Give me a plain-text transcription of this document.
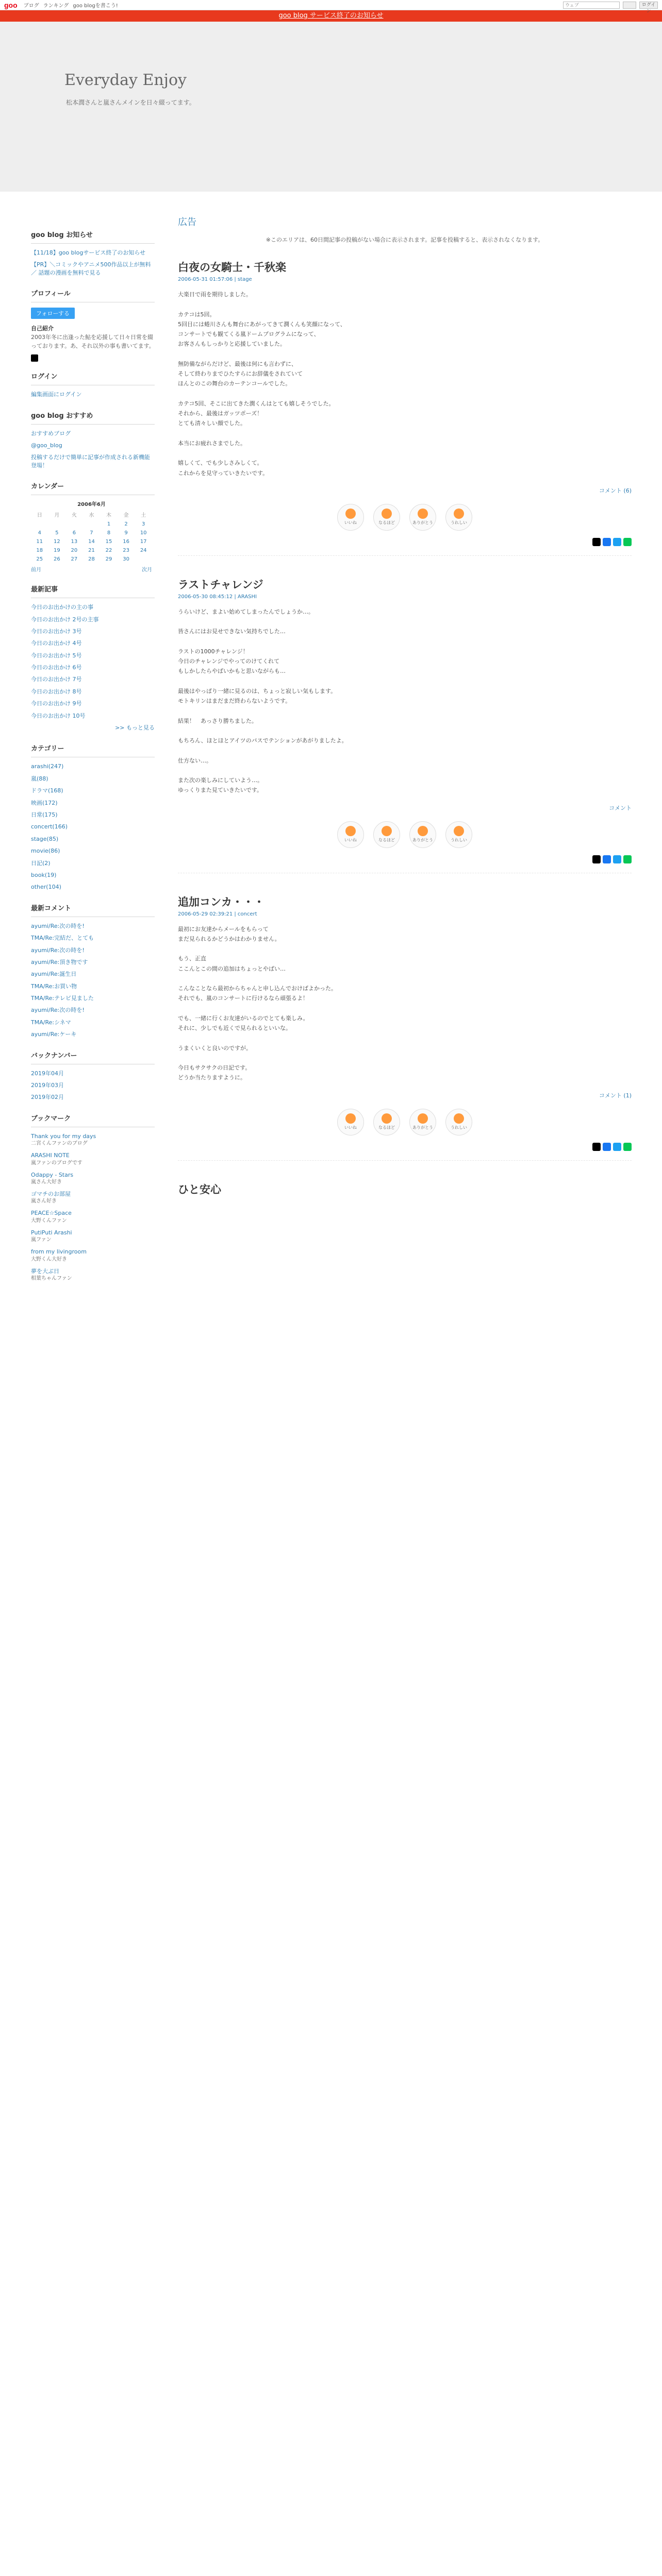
goo ブログ ランキング goo blogを書こう!	ウェブ	ログイン
goo blog サービス終了のお知らせ
Everyday Enjoy
松本潤さんと嵐さんメインを日々綴ってます。
goo blog お知らせ
【11/18】goo blogサービス終了のお知らせ
【PR】＼コミックやアニメ500作品以上が無料／ 話題の漫画を無料で見る
プロフィール
フォローする
自己紹介
2003年冬に出逢った鮎を応援して日々日常を綴っております。あ、それ以外の事も書いてます。
ログイン
編集画面にログイン
goo blog おすすめ
おすすめブログ
@goo_blog
投稿するだけで簡単に記事が作成される新機能登場！
カレンダー
2006年6月						
日	月	火	水	木	金	土
				1	2	3
4	5	6	7	8	9	10
11	12	13	14	15	16	17
18	19	20	21	22	23	24
25	26	27	28	29	30	
前月				次月		
最新記事
今日のお出かけの主の事
今日のお出かけ 2号の主事
今日のお出かけ 3号
今日のお出かけ 4号
今日のお出かけ 5号
今日のお出かけ 6号
今日のお出かけ 7号
今日のお出かけ 8号
今日のお出かけ 9号
今日のお出かけ 10号
>> もっと見る
カテゴリー
arashi(247)
嵐(88)
ドラマ(168)
映画(172)
日常(175)
concert(166)
stage(85)
movie(86)
日記(2)
book(19)
other(104)
最新コメント
ayumi/Re:次の時を!
TMA/Re:完結だ、とても
ayumi/Re:次の時を!
ayumi/Re:頂き物です
ayumi/Re:誕生日
TMA/Re:お買い物
TMA/Re:テレビ見ました
ayumi/Re:次の時を!
TMA/Re:シネマ
ayumi/Re:ケーキ
バックナンバー
2019年04月
2019年03月
2019年02月
ブックマーク
Thank you for my days
二宮くんファンのブログ
ARASHI NOTE
嵐ファンのブログです
Odappy - Stars
嵐さん大好き
ゴマチのお部屋
嵐さん好き
PEACE☆Space
大野くんファン
PutiPuti Arashi
嵐ファン
from my livingroom
大野くん大好き
夢を大ぶ日
相葉ちゃんファン
広告
※このエリアは、60日間記事の投稿がない場合に表示されます。記事を投稿すると、表示されなくなります。
白夜の女騎士・千秋楽
2006-05-31 01:57:06 | stage
大楽日で雨を期待しました。

カテコは5回。
5回目には蜷川さんも舞台にあがってきて潤くんも笑顔になって、
コンサートでも観てくる嵐ドームプログラムになって、
お客さんもしっかりと応援していました。

無防備ながらだけど、最後は何にも言わずに、
そして終わりまでひたすらにお辞儀をされていて
ほんとのこの舞台のカーテンコールでした。

カテコ5回、そこに出てきた潤くんはとても嬉しそうでした。
それから、最後はガッツポーズ！
とても清々しい顔でした。

本当にお疲れさまでした。

嬉しくて、でも少しさみしくて。
これからを見守っていきたいです。
コメント (6)
いいね	なるほど	ありがとう	うれしい
ラストチャレンジ
2006-05-30 08:45:12 | ARASHI
うらいけど、まよい始めてしまったんでしょうか…。

皆さんにはお見せできない気持ちでした…

ラストの1000チャレンジ！
今日のチャレンジでやってのけてくれて
もしかしたらやばいかもと思いながらも…

最後はやっぱり一緒に見るのは、ちょっと寂しい気もします。
モトキリンはまだまだ終わらないようです。

結果！　あっさり勝ちました。

もちろん、ほとほとアイツのパスでテンションがあがりましたよ。

仕方ない…。

また次の楽しみにしていよう…。
ゆっくりまた見ていきたいです。
コメント
いいね	なるほど	ありがとう	うれしい
追加コンカ・・・
2006-05-29 02:39:21 | concert
最初にお友達からメールをもらって
まだ見られるかどうかはわかりません。

もう、正直
ここんとこの間の追加はちょっとやばい…

こんなことなら最初からちゃんと申し込んでおけばよかった。
それでも、嵐のコンサートに行けるなら頑張るよ！

でも、一緒に行くお友達がいるのでとても楽しみ。
それに、少しでも近くで見られるといいな。

うまくいくと良いのですが。

今日もサクサクの日記です。
どうか当たりますように。
コメント (1)
いいね	なるほど	ありがとう	うれしい
ひと安心
